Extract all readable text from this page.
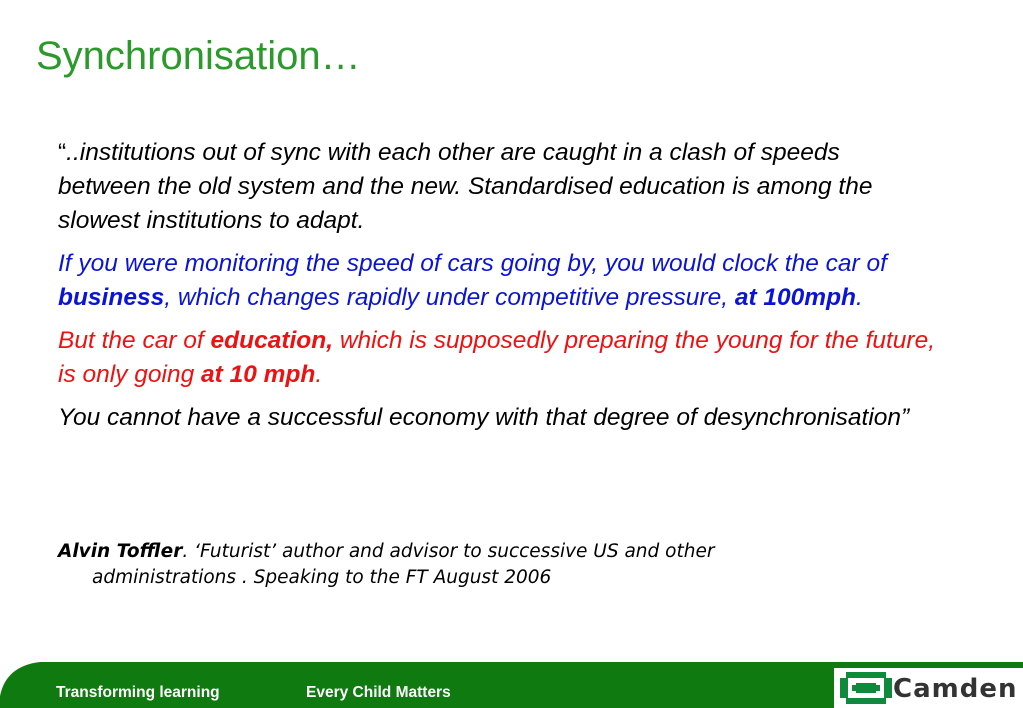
Synchronisation…

“..institutions out of sync with each other are caught in a clash of speeds between the old system and the new. Standardised education is among the slowest institutions to adapt.

If you were monitoring the speed of cars going by, you would clock the car of business, which changes rapidly under competitive pressure, at 100mph.

But the car of education, which is supposedly preparing the young for the future, is only going at 10 mph.

You cannot have a successful economy with that degree of desynchronisation”

Alvin Toffler. ‘Futurist’ author and advisor to successive US and other
administrations . Speaking to the FT August 2006
Transforming learning	Every Child Matters	Camden
